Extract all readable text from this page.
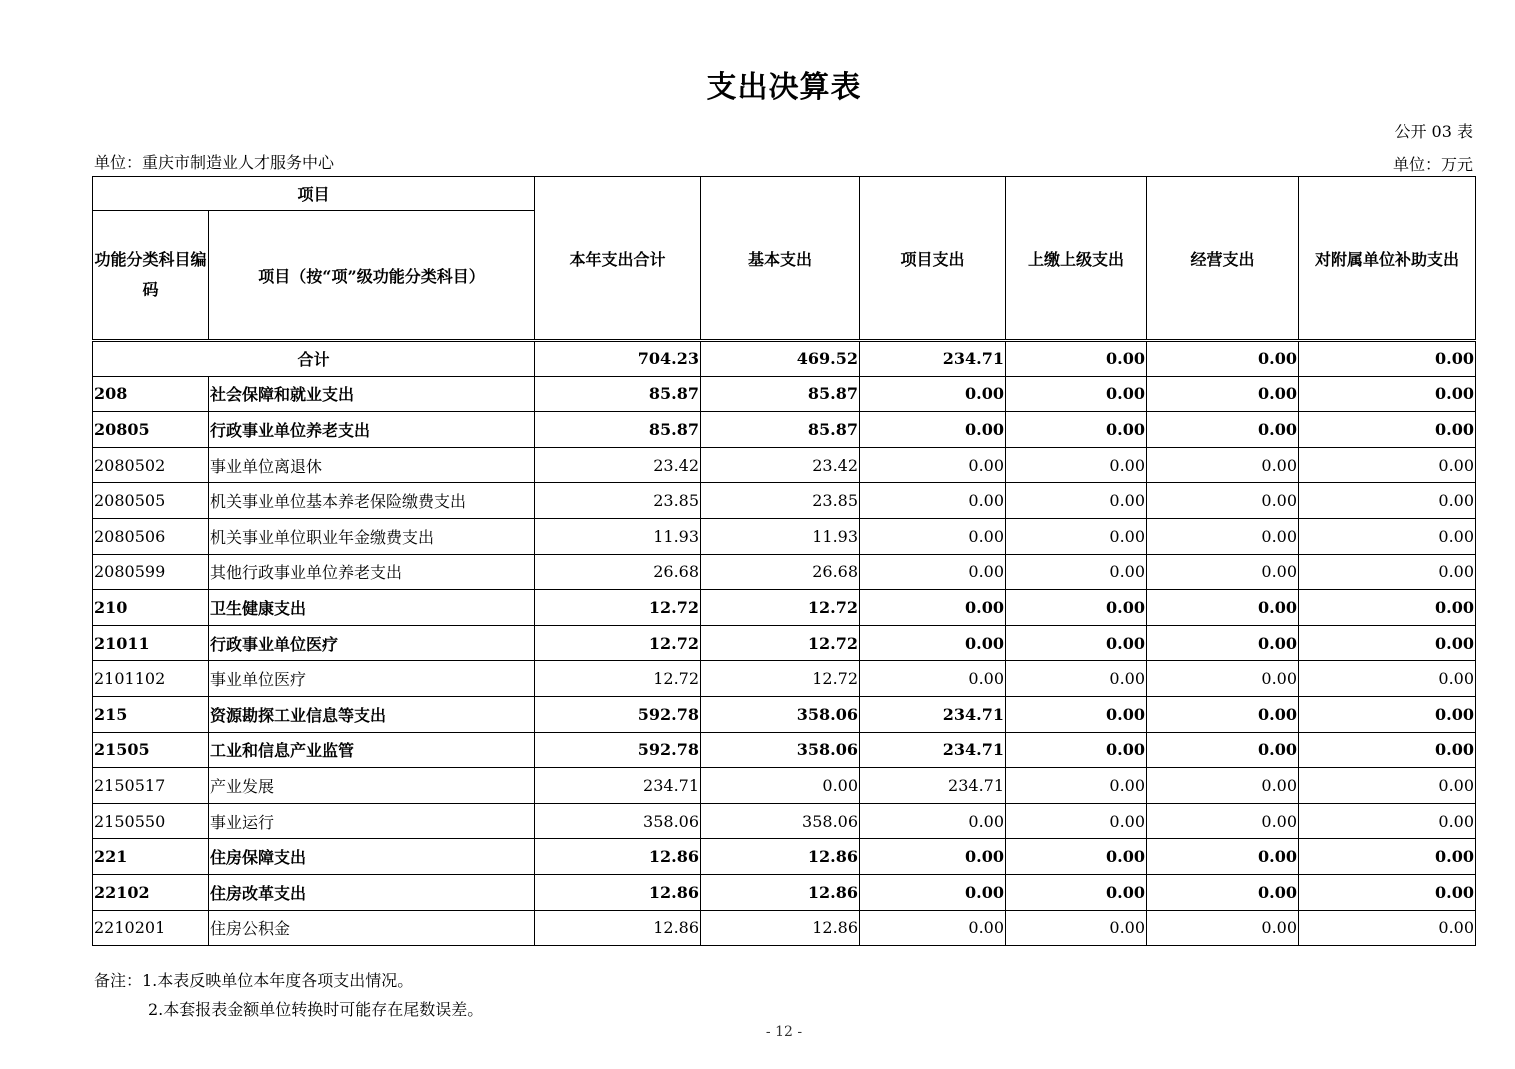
支出决算表
公开 03 表
单位：重庆市制造业人才服务中心	单位：万元
项目		本年支出合计	基本支出	项目支出	上缴上级支出	经营支出	对附属单位补助支出
功能分类科目编码	项目（按“项”级功能分类科目）						
合计		704.23	469.52	234.71	0.00	0.00	0.00
208	社会保障和就业支出	85.87	85.87	0.00	0.00	0.00	0.00
20805	行政事业单位养老支出	85.87	85.87	0.00	0.00	0.00	0.00
2080502	事业单位离退休	23.42	23.42	0.00	0.00	0.00	0.00
2080505	机关事业单位基本养老保险缴费支出	23.85	23.85	0.00	0.00	0.00	0.00
2080506	机关事业单位职业年金缴费支出	11.93	11.93	0.00	0.00	0.00	0.00
2080599	其他行政事业单位养老支出	26.68	26.68	0.00	0.00	0.00	0.00
210	卫生健康支出	12.72	12.72	0.00	0.00	0.00	0.00
21011	行政事业单位医疗	12.72	12.72	0.00	0.00	0.00	0.00
2101102	事业单位医疗	12.72	12.72	0.00	0.00	0.00	0.00
215	资源勘探工业信息等支出	592.78	358.06	234.71	0.00	0.00	0.00
21505	工业和信息产业监管	592.78	358.06	234.71	0.00	0.00	0.00
2150517	产业发展	234.71	0.00	234.71	0.00	0.00	0.00
2150550	事业运行	358.06	358.06	0.00	0.00	0.00	0.00
221	住房保障支出	12.86	12.86	0.00	0.00	0.00	0.00
22102	住房改革支出	12.86	12.86	0.00	0.00	0.00	0.00
2210201	住房公积金	12.86	12.86	0.00	0.00	0.00	0.00
备注：1.本表反映单位本年度各项支出情况。
2.本套报表金额单位转换时可能存在尾数误差。
- 12 -
